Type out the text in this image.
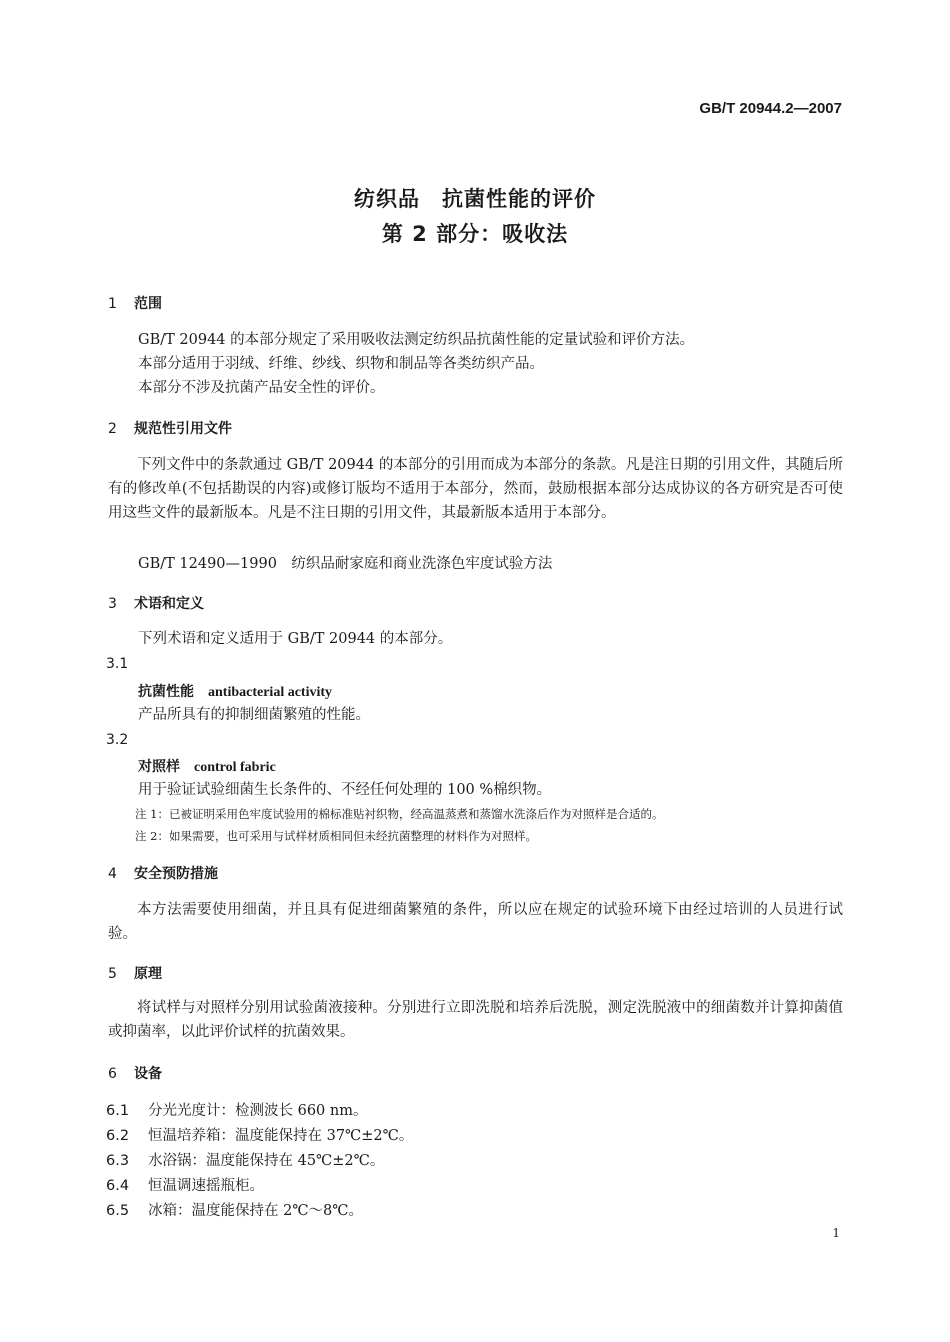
GB/T 20944.2—2007
纺织品　抗菌性能的评价
第 2 部分：吸收法
1 范围
GB/T 20944 的本部分规定了采用吸收法测定纺织品抗菌性能的定量试验和评价方法。
本部分适用于羽绒、纤维、纱线、织物和制品等各类纺织产品。
本部分不涉及抗菌产品安全性的评价。
2 规范性引用文件
下列文件中的条款通过 GB/T 20944 的本部分的引用而成为本部分的条款。凡是注日期的引用文件，其随后所有的修改单(不包括勘误的内容)或修订版均不适用于本部分，然而，鼓励根据本部分达成协议的各方研究是否可使用这些文件的最新版本。凡是不注日期的引用文件，其最新版本适用于本部分。
GB/T 12490—1990　纺织品耐家庭和商业洗涤色牢度试验方法
3 术语和定义
下列术语和定义适用于 GB/T 20944 的本部分。
3.1
抗菌性能 antibacterial activity
产品所具有的抑制细菌繁殖的性能。
3.2
对照样 control fabric
用于验证试验细菌生长条件的、不经任何处理的 100 %棉织物。
注 1：已被证明采用色牢度试验用的棉标准贴衬织物，经高温蒸煮和蒸馏水洗涤后作为对照样是合适的。
注 2：如果需要，也可采用与试样材质相同但未经抗菌整理的材料作为对照样。
4 安全预防措施
本方法需要使用细菌，并且具有促进细菌繁殖的条件，所以应在规定的试验环境下由经过培训的人员进行试验。
5 原理
将试样与对照样分别用试验菌液接种。分别进行立即洗脱和培养后洗脱，测定洗脱液中的细菌数并计算抑菌值或抑菌率，以此评价试样的抗菌效果。
6 设备
6.1 分光光度计：检测波长 660 nm。
6.2 恒温培养箱：温度能保持在 37℃±2℃。
6.3 水浴锅：温度能保持在 45℃±2℃。
6.4 恒温调速摇瓶柜。
6.5 冰箱：温度能保持在 2℃～8℃。
1
